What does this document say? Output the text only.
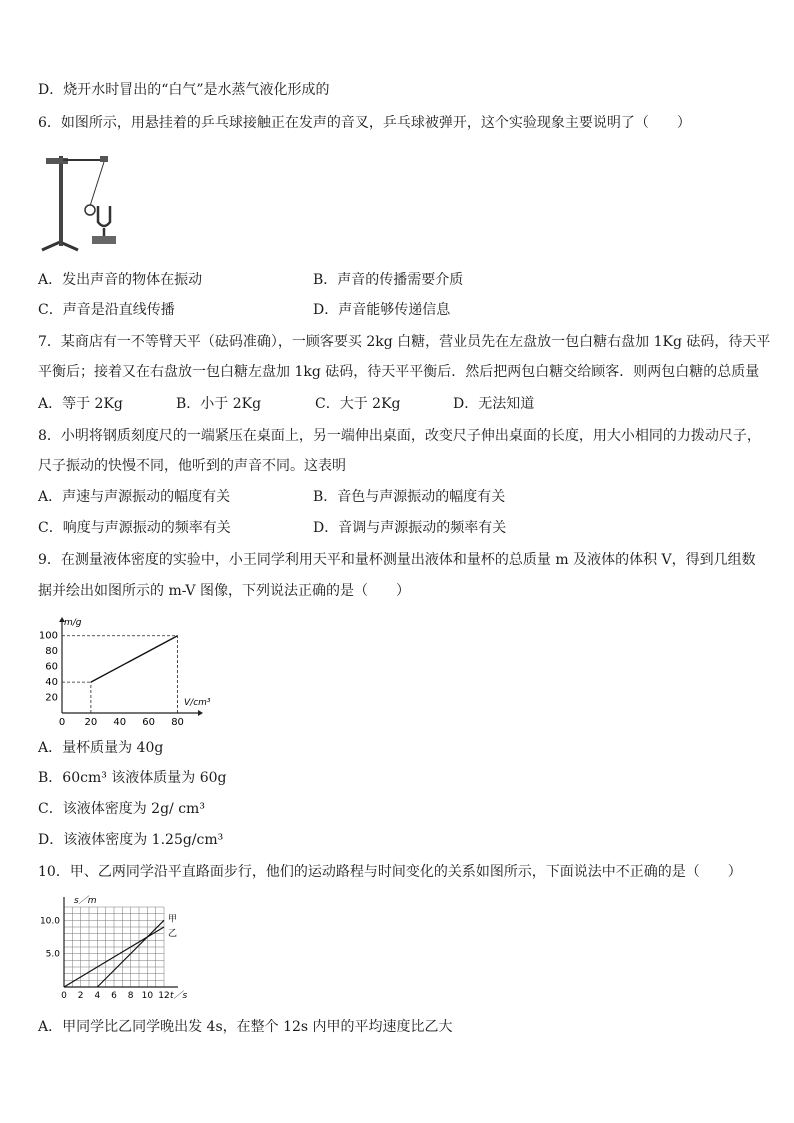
D．烧开水时冒出的“白气”是水蒸气液化形成的
6．如图所示，用悬挂着的乒乓球接触正在发声的音叉，乒乓球被弹开，这个实验现象主要说明了（　　）
A．发出声音的物体在振动	B．声音的传播需要介质
C．声音是沿直线传播	D．声音能够传递信息
7．某商店有一不等臂天平（砝码准确），一顾客要买 2kg 白糖，营业员先在左盘放一包白糖右盘加 1Kg 砝码，待天平
平衡后；接着又在右盘放一包白糖左盘加 1kg 砝码，待天平平衡后．然后把两包白糖交给顾客．则两包白糖的总质量
A．等于 2Kg	B．小于 2Kg	C．大于 2Kg	D．无法知道
8．小明将钢质刻度尺的一端紧压在桌面上，另一端伸出桌面，改变尺子伸出桌面的长度，用大小相同的力拨动尺子，
尺子振动的快慢不同，他听到的声音不同。这表明
A．声速与声源振动的幅度有关	B．音色与声源振动的幅度有关
C．响度与声源振动的频率有关	D．音调与声源振动的频率有关
9．在测量液体密度的实验中，小王同学利用天平和量杯测量出液体和量杯的总质量 m 及液体的体积 V，得到几组数
据并绘出如图所示的 m-V 图像，下列说法正确的是（　　）
0 20 40 60 80
20
40
60
80
100
m/g
V/cm³
A．量杯质量为 40g
B．60cm³ 该液体质量为 60g
C．该液体密度为 2g/ cm³
D．该液体密度为 1.25g/cm³
10．甲、乙两同学沿平直路面步行，他们的运动路程与时间变化的关系如图所示，下面说法中不正确的是（　　）
0 2 4 6 8 10 12
5.0
10.0
s／m
t／s
甲
乙
A．甲同学比乙同学晚出发 4s，在整个 12s 内甲的平均速度比乙大
